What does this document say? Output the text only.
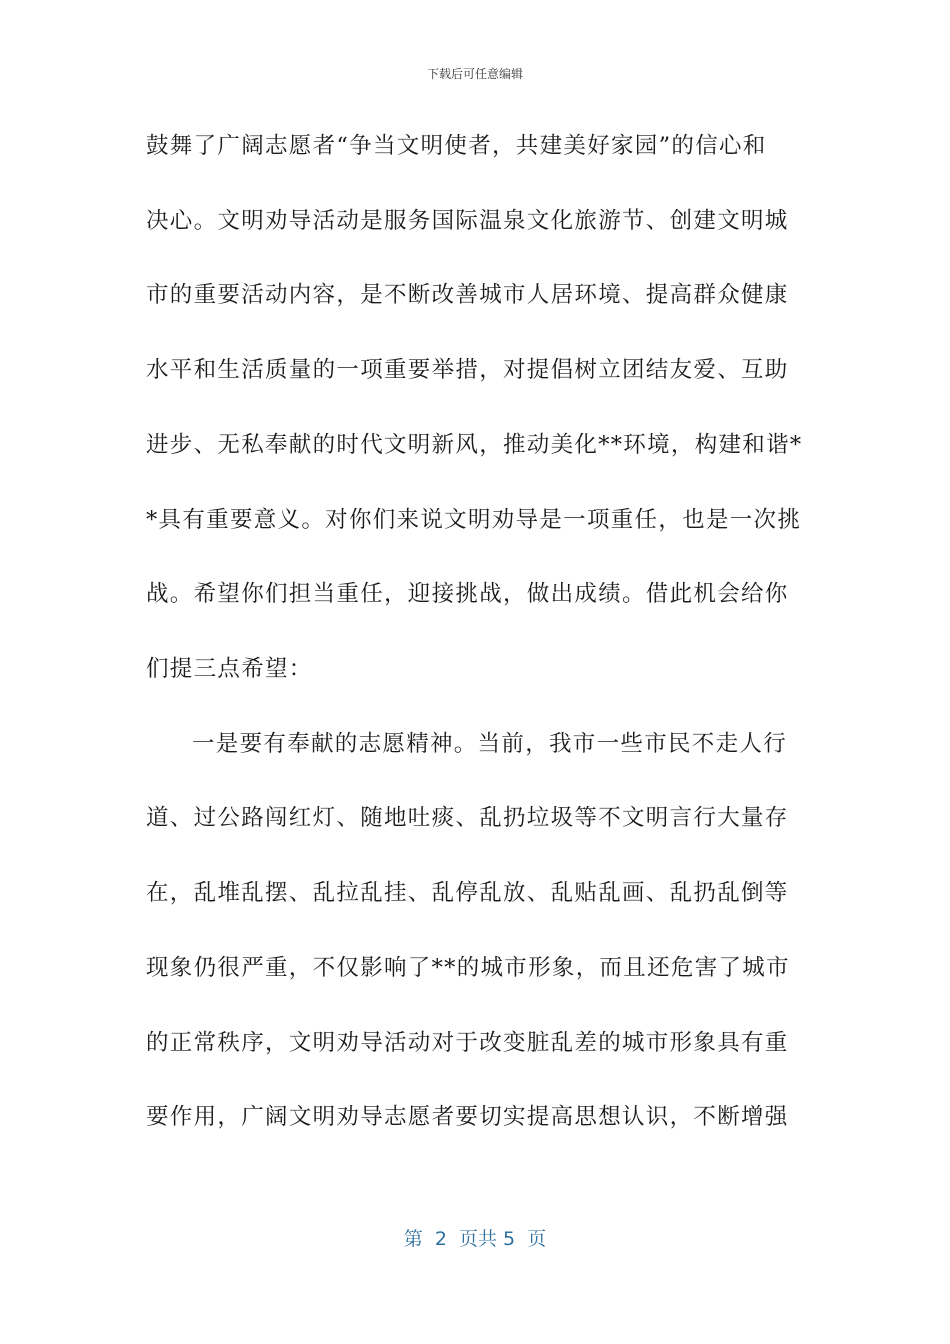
下载后可任意编辑
鼓舞了广阔志愿者“争当文明使者，共建美好家园”的信心和
决心。文明劝导活动是服务国际温泉文化旅游节、创建文明城
市的重要活动内容，是不断改善城市人居环境、提高群众健康
水平和生活质量的一项重要举措，对提倡树立团结友爱、互助
进步、无私奉献的时代文明新风，推动美化**环境，构建和谐*
*具有重要意义。对你们来说文明劝导是一项重任，也是一次挑
战。希望你们担当重任，迎接挑战，做出成绩。借此机会给你
们提三点希望：
一是要有奉献的志愿精神。当前，我市一些市民不走人行
道、过公路闯红灯、随地吐痰、乱扔垃圾等不文明言行大量存
在，乱堆乱摆、乱拉乱挂、乱停乱放、乱贴乱画、乱扔乱倒等
现象仍很严重，不仅影响了**的城市形象，而且还危害了城市
的正常秩序，文明劝导活动对于改变脏乱差的城市形象具有重
要作用，广阔文明劝导志愿者要切实提高思想认识，不断增强
第  2  页共 5  页
